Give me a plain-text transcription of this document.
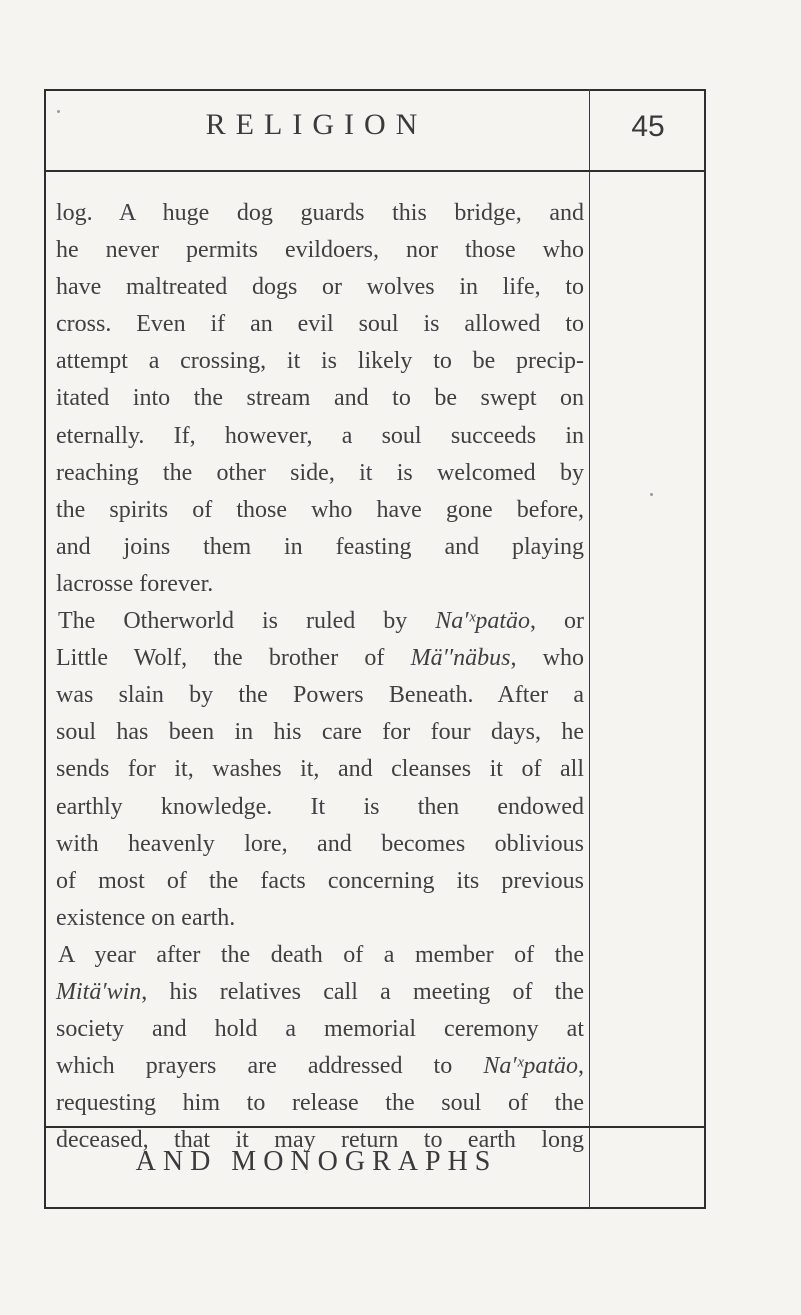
RELIGION	45
log. A huge dog guards this bridge, and
he never permits evildoers, nor those who
have maltreated dogs or wolves in life, to
cross. Even if an evil soul is allowed to
attempt a crossing, it is likely to be precip-
itated into the stream and to be swept on
eternally. If, however, a soul succeeds in
reaching the other side, it is welcomed by
the spirits of those who have gone before,
and joins them in feasting and playing
lacrosse forever.
The Otherworld is ruled by Na′ˣpatäo, or
Little Wolf, the brother of Mä′′näbus, who
was slain by the Powers Beneath. After a
soul has been in his care for four days, he
sends for it, washes it, and cleanses it of all
earthly knowledge. It is then endowed
with heavenly lore, and becomes oblivious
of most of the facts concerning its previous
existence on earth.
A year after the death of a member of the
Mitä′win, his relatives call a meeting of the
society and hold a memorial ceremony at
which prayers are addressed to Na′ˣpatäo,
requesting him to release the soul of the
deceased, that it may return to earth long
AND MONOGRAPHS
